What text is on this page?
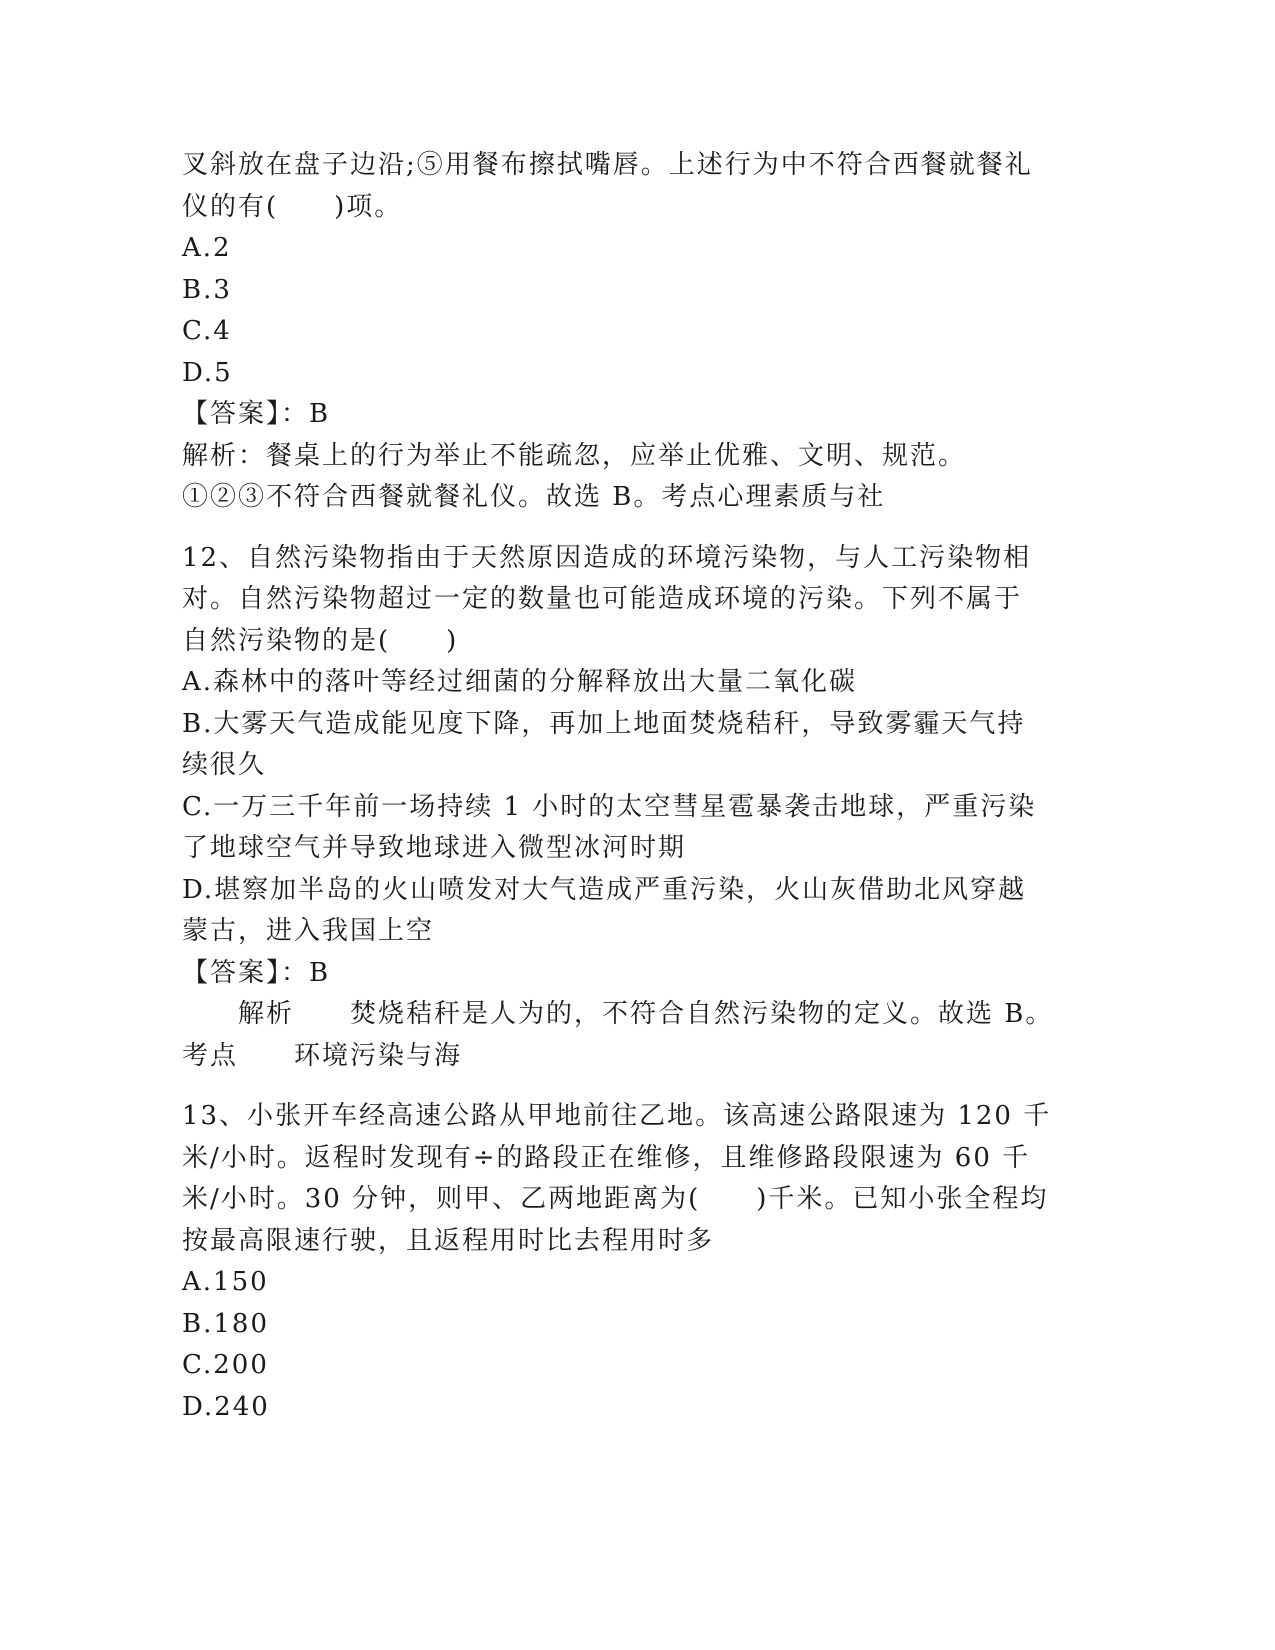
叉斜放在盘子边沿;⑤用餐布擦拭嘴唇。上述行为中不符合西餐就餐礼
仪的有(　　)项。
A.2
B.3
C.4
D.5
【答案】：B
解析：餐桌上的行为举止不能疏忽，应举止优雅、文明、规范。
①②③不符合西餐就餐礼仪。故选 B。考点心理素质与社
12、自然污染物指由于天然原因造成的环境污染物，与人工污染物相
对。自然污染物超过一定的数量也可能造成环境的污染。下列不属于
自然污染物的是(　　)
A.森林中的落叶等经过细菌的分解释放出大量二氧化碳
B.大雾天气造成能见度下降，再加上地面焚烧秸秆，导致雾霾天气持
续很久
C.一万三千年前一场持续 1 小时的太空彗星雹暴袭击地球，严重污染
了地球空气并导致地球进入微型冰河时期
D.堪察加半岛的火山喷发对大气造成严重污染，火山灰借助北风穿越
蒙古，进入我国上空
【答案】：B
解析　　焚烧秸秆是人为的，不符合自然污染物的定义。故选 B。
考点　　环境污染与海
13、小张开车经高速公路从甲地前往乙地。该高速公路限速为 120 千
米/小时。返程时发现有÷的路段正在维修，且维修路段限速为 60 千
米/小时。30 分钟，则甲、乙两地距离为(　　)千米。已知小张全程均
按最高限速行驶，且返程用时比去程用时多
A.150
B.180
C.200
D.240
